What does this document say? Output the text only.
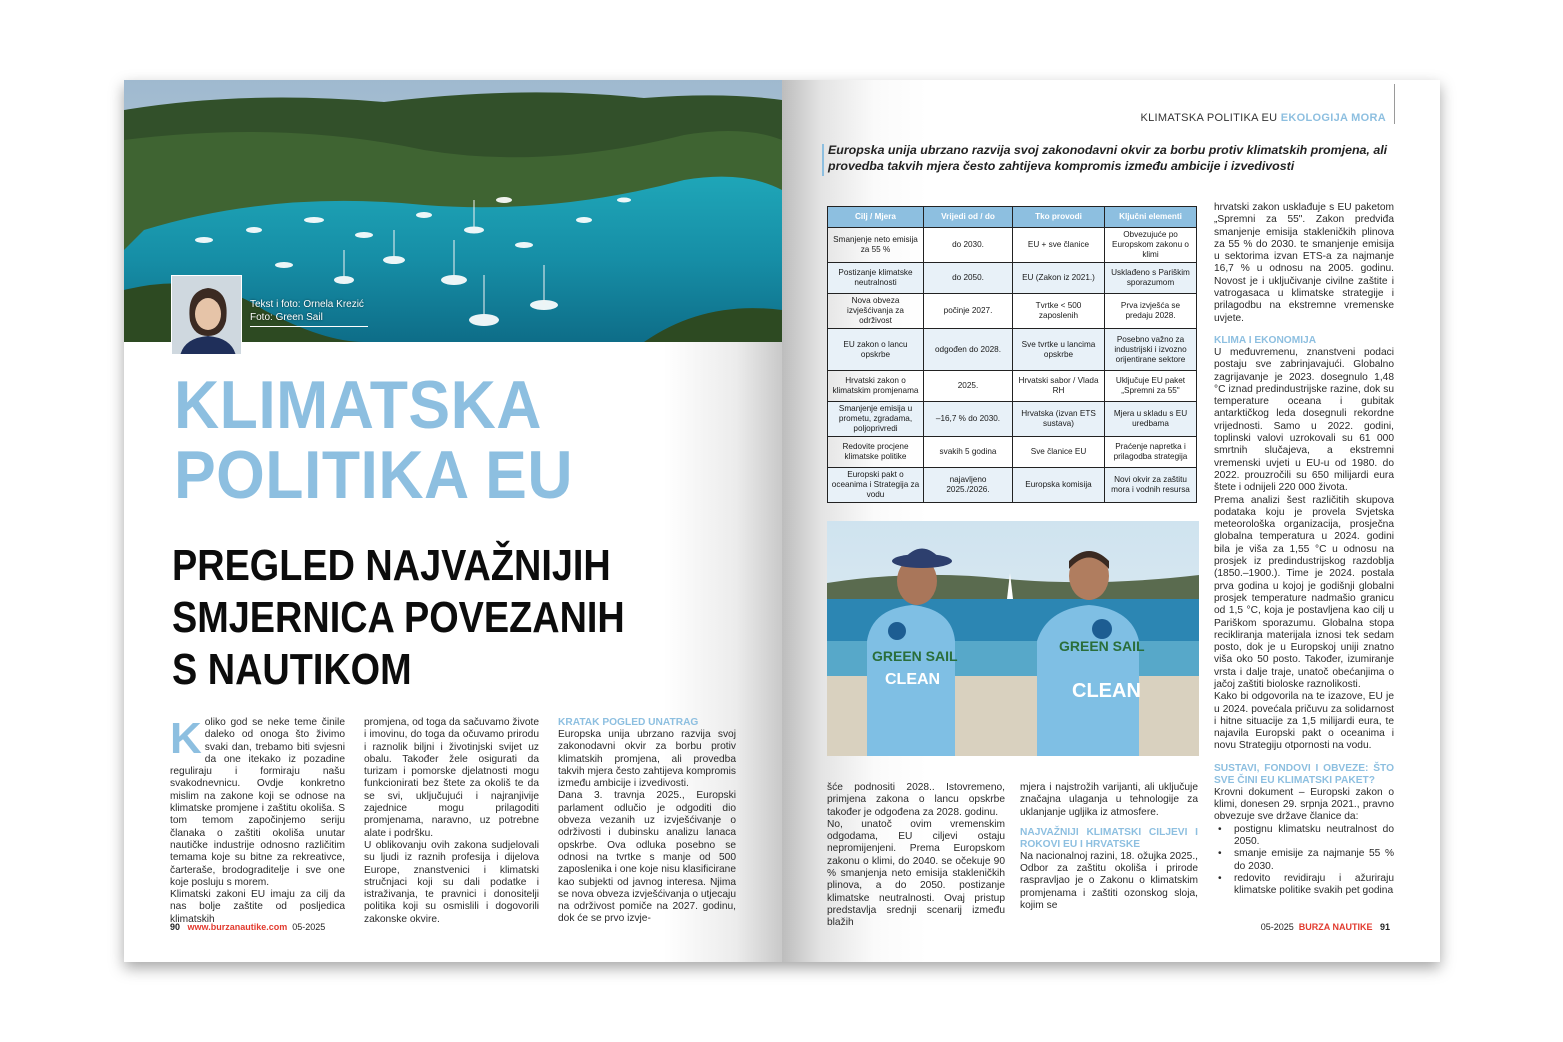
Tekst i foto: Ornela Krezić
Foto: Green Sail
KLIMATSKA
POLITIKA EU
PREGLED NAJVAŽNIJIH
SMJERNICA POVEZANIH
S NAUTIKOM

Koliko god se neke teme činile daleko od onoga što živimo svaki dan, trebamo biti svjesni da one itekako iz pozadine reguliraju i formiraju našu svakodnevnicu. Ovdje konkretno mislim na zakone koji se odnose na klimatske promjene i zaštitu okoliša. S tom temom započinjemo seriju članaka o zaštiti okoliša unutar nautičke industrije odnosno različitim temama koje su bitne za rekreativce, čarteraše, brodograditelje i sve one koje posluju s morem.

Klimatski zakoni EU imaju za cilj da nas bolje zaštite od posljedica klimatskih

promjena, od toga da sačuvamo živote i imovinu, do toga da očuvamo prirodu i raznolik biljni i životinjski svijet uz obalu. Također žele osigurati da turizam i pomorske djelatnosti mogu funkcionirati bez štete za okoliš te da se svi, uključujući i najranjivije zajednice mogu prilagoditi promjenama, naravno, uz potrebne alate i podršku.

U oblikovanju ovih zakona sudjelovali su ljudi iz raznih profesija i dijelova Europe, znanstvenici i klimatski stručnjaci koji su dali podatke i istraživanja, te pravnici i donositelji politika koji su osmislili i dogovorili zakonske okvire.

KRATAK POGLED UNATRAG

Europska unija ubrzano razvija svoj zakonodavni okvir za borbu protiv klimatskih promjena, ali provedba takvih mjera često zahtijeva kompromis između ambicije i izvedivosti.

Dana 3. travnja 2025., Europski parlament odlučio je odgoditi dio obveza vezanih uz izvješćivanje o održivosti i dubinsku analizu lanaca opskrbe. Ova odluka posebno se odnosi na tvrtke s manje od 500 zaposlenika i one koje nisu klasificirane kao subjekti od javnog interesa. Njima se nova obveza izvješćivanja o utjecaju na održivost pomiče na 2027. godinu, dok će se prvo izvje-

90 www.burzanautike.com 05-2025
KLIMATSKA POLITIKA EU EKOLOGIJA MORA
Europska unija ubrzano razvija svoj zakonodavni okvir za borbu protiv klimatskih promjena, ali provedba takvih mjera često zahtijeva kompromis između ambicije i izvedivosti
Cilj / Mjera	Vrijedi od / do	Tko provodi	Ključni elementi
Smanjenje neto emisija za 55 %	do 2030.	EU + sve članice	Obvezujuće po Europskom zakonu o klimi
Postizanje klimatske neutralnosti	do 2050.	EU (Zakon iz 2021.)	Usklađeno s Pariškim sporazumom
Nova obveza izvješćivanja za održivost	počinje 2027.	Tvrtke < 500 zaposlenih	Prva izvješća se predaju 2028.
EU zakon o lancu opskrbe	odgođen do 2028.	Sve tvrtke u lancima opskrbe	Posebno važno za industrijski i izvozno orijentirane sektore
Hrvatski zakon o klimatskim promjenama	2025.	Hrvatski sabor / Vlada RH	Uključuje EU paket „Spremni za 55"
Smanjenje emisija u prometu, zgradama, poljoprivredi	–16,7 % do 2030.	Hrvatska (izvan ETS sustava)	Mjera u skladu s EU uredbama
Redovite procjene klimatske politike	svakih 5 godina	Sve članice EU	Praćenje napretka i prilagodba strategija
Europski pakt o oceanima i Strategija za vodu	najavljeno 2025./2026.	Europska komisija	Novi okvir za zaštitu mora i vodnih resursa
GREEN SAIL
GREEN SAIL
CLEAN
CLEAN

šće podnositi 2028.. Istovremeno, primjena zakona o lancu opskrbe također je odgođena za 2028. godinu.

No, unatoč ovim vremenskim odgodama, EU ciljevi ostaju nepromijenjeni. Prema Europskom zakonu o klimi, do 2040. se očekuje 90 % smanjenja neto emisija stakleničkih plinova, a do 2050. postizanje klimatske neutralnosti. Ovaj pristup predstavlja srednji scenarij između blažih

mjera i najstrožih varijanti, ali uključuje značajna ulaganja u tehnologije za uklanjanje ugljika iz atmosfere.

NAJVAŽNIJI KLIMATSKI CILJEVI I ROKOVI EU I HRVATSKE

Na nacionalnoj razini, 18. ožujka 2025., Odbor za zaštitu okoliša i prirode raspravljao je o Zakonu o klimatskim promjenama i zaštiti ozonskog sloja, kojim se

hrvatski zakon usklađuje s EU paketom „Spremni za 55". Zakon predviđa smanjenje emisija stakleničkih plinova za 55 % do 2030. te smanjenje emisija u sektorima izvan ETS-a za najmanje 16,7 % u odnosu na 2005. godinu. Novost je i uključivanje civilne zaštite i vatrogasaca u klimatske strategije i prilagodbu na ekstremne vremenske uvjete.

KLIMA I EKONOMIJA

U međuvremenu, znanstveni podaci postaju sve zabrinjavajući. Globalno zagrijavanje je 2023. dosegnulo 1,48 °C iznad predindustrijske razine, dok su temperature oceana i gubitak antarktičkog leda dosegnuli rekordne vrijednosti. Samo u 2022. godini, toplinski valovi uzrokovali su 61 000 smrtnih slučajeva, a ekstremni vremenski uvjeti u EU-u od 1980. do 2022. prouzročili su 650 milijardi eura štete i odnijeli 220 000 života.

Prema analizi šest različitih skupova podataka koju je provela Svjetska meteorološka organizacija, prosječna globalna temperatura u 2024. godini bila je viša za 1,55 °C u odnosu na prosjek iz predindustrijskog razdoblja (1850.–1900.). Time je 2024. postala prva godina u kojoj je godišnji globalni prosjek temperature nadmašio granicu od 1,5 °C, koja je postavljena kao cilj u Pariškom sporazumu. Globalna stopa recikliranja materijala iznosi tek sedam posto, dok je u Europskoj uniji znatno viša oko 50 posto. Također, izumiranje vrsta i dalje traje, unatoč obećanjima o jačoj zaštiti bioloske raznolikosti.

Kako bi odgovorila na te izazove, EU je u 2024. povećala pričuvu za solidarnost i hitne situacije za 1,5 milijardi eura, te najavila Europski pakt o oceanima i novu Strategiju otpornosti na vodu.

SUSTAVI, FONDOVI I OBVEZE: ŠTO SVE ČINI EU KLIMATSKI PAKET?

Krovni dokument – Europski zakon o klimi, donesen 29. srpnja 2021., pravno obvezuje sve države članice da:

• postignu klimatsku neutralnost do 2050.
• smanje emisije za najmanje 55 % do 2030.
• redovito revidiraju i ažuriraju klimatske politike svakih pet godina
05-2025 BURZA NAUTIKE 91
